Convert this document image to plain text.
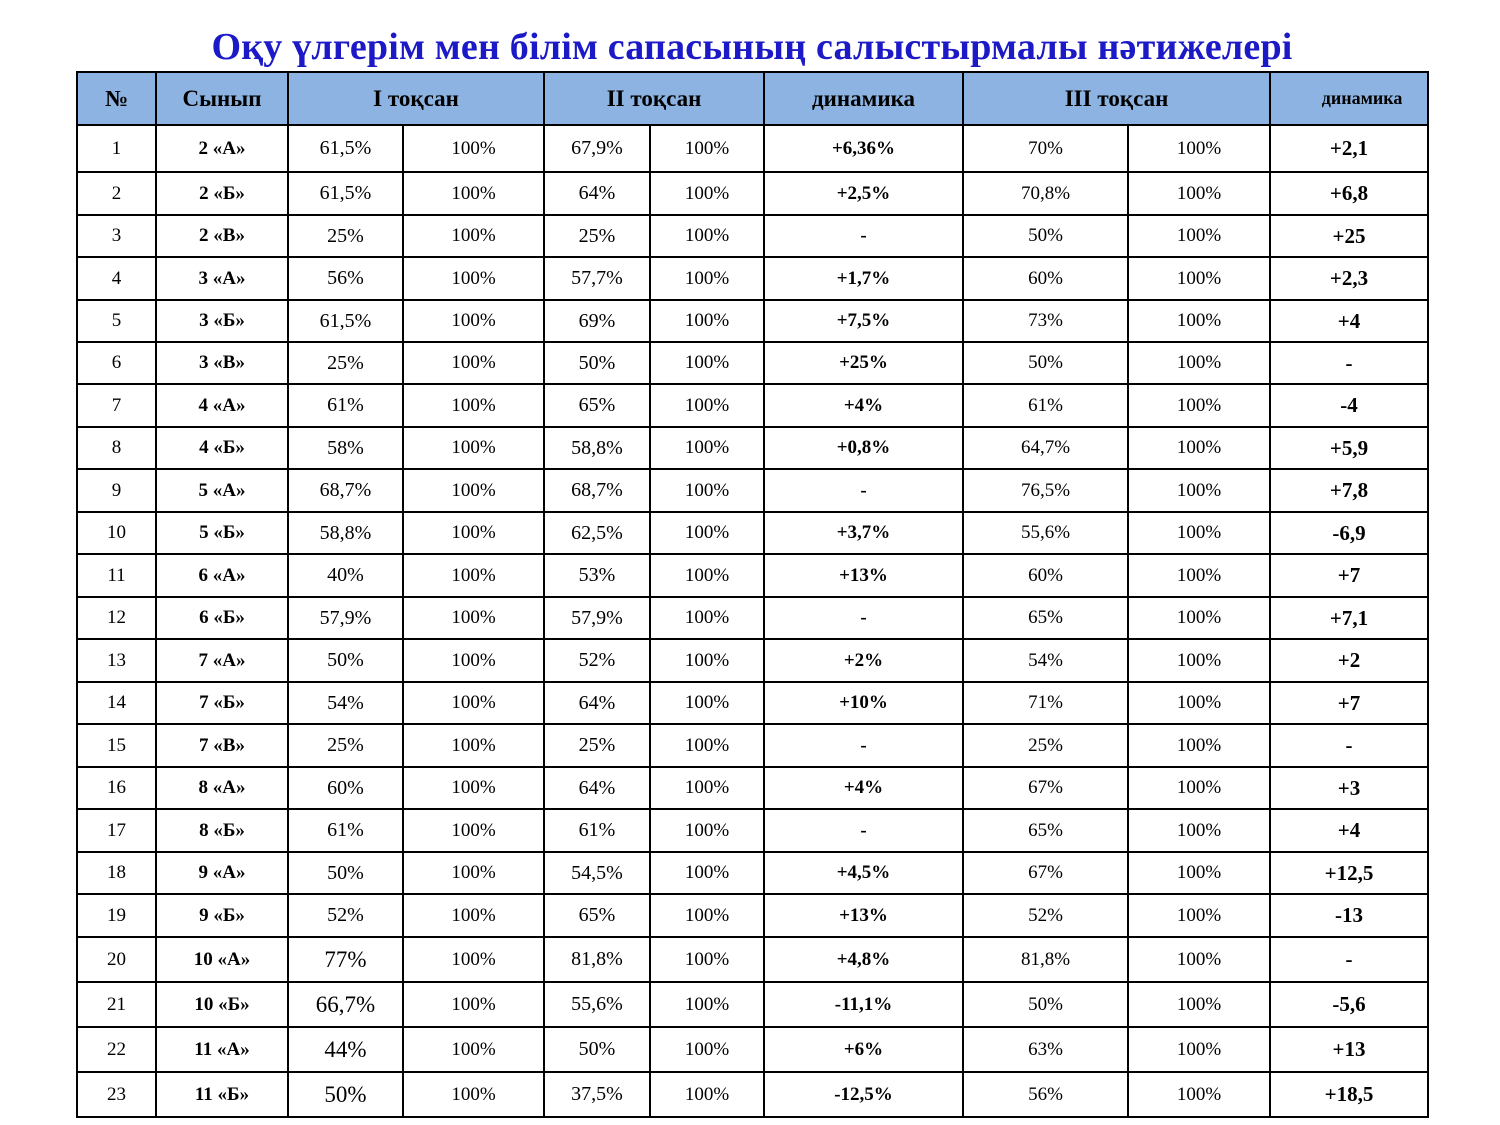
Оқу үлгерім мен білім сапасының салыстырмалы нәтижелері
№	Сынып	І тоқсан		ІІ тоқсан		динамика	ІІІ тоқсан		динамика
1	2 «А»	61,5%	100%	67,9%	100%	+6,36%	70%	100%	+2,1
2	2 «Б»	61,5%	100%	64%	100%	+2,5%	70,8%	100%	+6,8
3	2 «В»	25%	100%	25%	100%	-	50%	100%	+25
4	3 «А»	56%	100%	57,7%	100%	+1,7%	60%	100%	+2,3
5	3 «Б»	61,5%	100%	69%	100%	+7,5%	73%	100%	+4
6	3 «В»	25%	100%	50%	100%	+25%	50%	100%	-
7	4 «А»	61%	100%	65%	100%	+4%	61%	100%	-4
8	4 «Б»	58%	100%	58,8%	100%	+0,8%	64,7%	100%	+5,9
9	5 «А»	68,7%	100%	68,7%	100%	-	76,5%	100%	+7,8
10	5 «Б»	58,8%	100%	62,5%	100%	+3,7%	55,6%	100%	-6,9
11	6 «А»	40%	100%	53%	100%	+13%	60%	100%	+7
12	6 «Б»	57,9%	100%	57,9%	100%	-	65%	100%	+7,1
13	7 «А»	50%	100%	52%	100%	+2%	54%	100%	+2
14	7 «Б»	54%	100%	64%	100%	+10%	71%	100%	+7
15	7 «В»	25%	100%	25%	100%	-	25%	100%	-
16	8 «А»	60%	100%	64%	100%	+4%	67%	100%	+3
17	8 «Б»	61%	100%	61%	100%	-	65%	100%	+4
18	9 «А»	50%	100%	54,5%	100%	+4,5%	67%	100%	+12,5
19	9 «Б»	52%	100%	65%	100%	+13%	52%	100%	-13
20	10 «А»	77%	100%	81,8%	100%	+4,8%	81,8%	100%	-
21	10 «Б»	66,7%	100%	55,6%	100%	-11,1%	50%	100%	-5,6
22	11 «А»	44%	100%	50%	100%	+6%	63%	100%	+13
23	11 «Б»	50%	100%	37,5%	100%	-12,5%	56%	100%	+18,5
